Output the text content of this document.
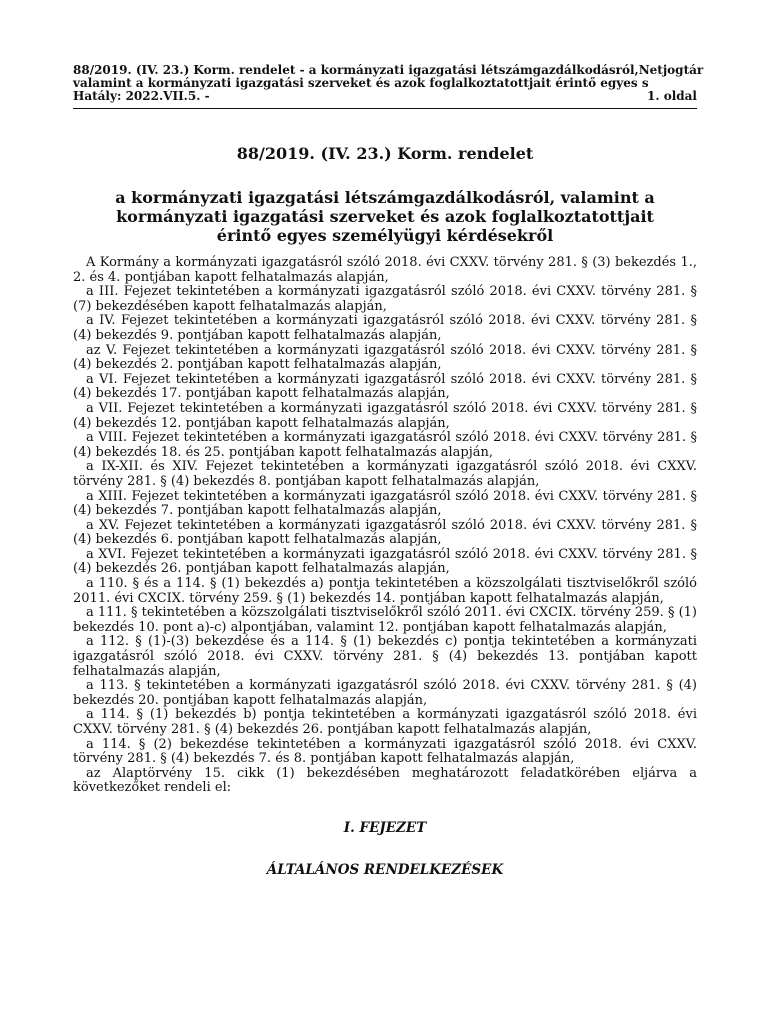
88/2019. (IV. 23.) Korm. rendelet - a kormányzati igazgatási létszámgazdálkodásról, Netjogtár
valamint a kormányzati igazgatási szerveket és azok foglalkoztatottjait érintő egyes s
Hatály: 2022.VII.5. -	1. oldal
88/2019. (IV. 23.) Korm. rendelet
a kormányzati igazgatási létszámgazdálkodásról, valamint a
kormányzati igazgatási szerveket és azok foglalkoztatottjait
érintő egyes személyügyi kérdésekről

A Kormány a kormányzati igazgatásról szóló 2018. évi CXXV. törvény 281. § (3) bekezdés 1., 2. és 4. pontjában kapott felhatalmazás alapján,

a III. Fejezet tekintetében a kormányzati igazgatásról szóló 2018. évi CXXV. törvény 281. § (7) bekezdésében kapott felhatalmazás alapján,

a IV. Fejezet tekintetében a kormányzati igazgatásról szóló 2018. évi CXXV. törvény 281. § (4) bekezdés 9. pontjában kapott felhatalmazás alapján,

az V. Fejezet tekintetében a kormányzati igazgatásról szóló 2018. évi CXXV. törvény 281. § (4) bekezdés 2. pontjában kapott felhatalmazás alapján,

a VI. Fejezet tekintetében a kormányzati igazgatásról szóló 2018. évi CXXV. törvény 281. § (4) bekezdés 17. pontjában kapott felhatalmazás alapján,

a VII. Fejezet tekintetében a kormányzati igazgatásról szóló 2018. évi CXXV. törvény 281. § (4) bekezdés 12. pontjában kapott felhatalmazás alapján,

a VIII. Fejezet tekintetében a kormányzati igazgatásról szóló 2018. évi CXXV. törvény 281. § (4) bekezdés 18. és 25. pontjában kapott felhatalmazás alapján,

a IX-XII. és XIV. Fejezet tekintetében a kormányzati igazgatásról szóló 2018. évi CXXV. törvény 281. § (4) bekezdés 8. pontjában kapott felhatalmazás alapján,

a XIII. Fejezet tekintetében a kormányzati igazgatásról szóló 2018. évi CXXV. törvény 281. § (4) bekezdés 7. pontjában kapott felhatalmazás alapján,

a XV. Fejezet tekintetében a kormányzati igazgatásról szóló 2018. évi CXXV. törvény 281. § (4) bekezdés 6. pontjában kapott felhatalmazás alapján,

a XVI. Fejezet tekintetében a kormányzati igazgatásról szóló 2018. évi CXXV. törvény 281. § (4) bekezdés 26. pontjában kapott felhatalmazás alapján,

a 110. § és a 114. § (1) bekezdés a) pontja tekintetében a közszolgálati tisztviselőkről szóló 2011. évi CXCIX. törvény 259. § (1) bekezdés 14. pontjában kapott felhatalmazás alapján,

a 111. § tekintetében a közszolgálati tisztviselőkről szóló 2011. évi CXCIX. törvény 259. § (1) bekezdés 10. pont a)-c) alpontjában, valamint 12. pontjában kapott felhatalmazás alapján,

a 112. § (1)-(3) bekezdése és a 114. § (1) bekezdés c) pontja tekintetében a kormányzati igazgatásról szóló 2018. évi CXXV. törvény 281. § (4) bekezdés 13. pontjában kapott felhatalmazás alapján,

a 113. § tekintetében a kormányzati igazgatásról szóló 2018. évi CXXV. törvény 281. § (4) bekezdés 20. pontjában kapott felhatalmazás alapján,

a 114. § (1) bekezdés b) pontja tekintetében a kormányzati igazgatásról szóló 2018. évi CXXV. törvény 281. § (4) bekezdés 26. pontjában kapott felhatalmazás alapján,

a 114. § (2) bekezdése tekintetében a kormányzati igazgatásról szóló 2018. évi CXXV. törvény 281. § (4) bekezdés 7. és 8. pontjában kapott felhatalmazás alapján,

az Alaptörvény 15. cikk (1) bekezdésében meghatározott feladatkörében eljárva a következőket rendeli el:

I. FEJEZET
ÁLTALÁNOS RENDELKEZÉSEK
